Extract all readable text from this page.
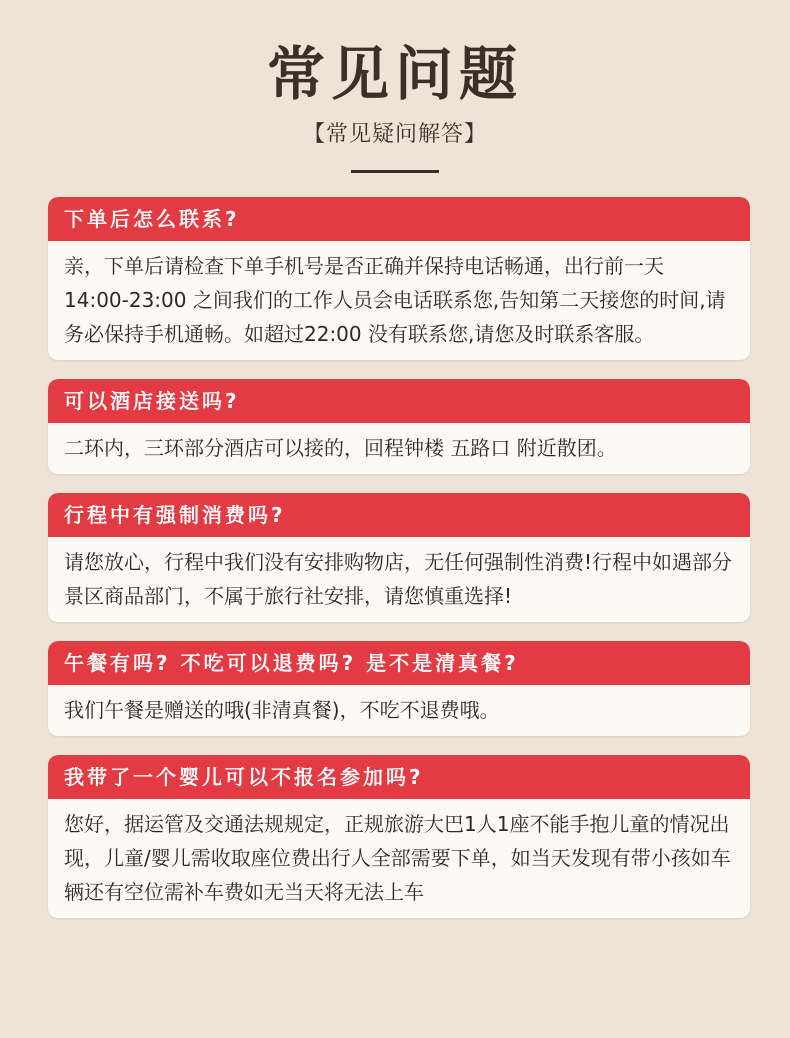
常见问题
【常见疑问解答】
下单后怎么联系?
亲，下单后请检查下单手机号是否正确并保持电话畅通，出行前一天 14:00-23:00 之间我们的工作人员会电话联系您,告知第二天接您的时间,请务必保持手机通畅。如超过22:00 没有联系您,请您及时联系客服。
可以酒店接送吗?
二环内，三环部分酒店可以接的，回程钟楼 五路口 附近散团。
行程中有强制消费吗?
请您放心，行程中我们没有安排购物店，无任何强制性消费!行程中如遇部分景区商品部门，不属于旅行社安排，请您慎重选择!
午餐有吗? 不吃可以退费吗? 是不是清真餐?
我们午餐是赠送的哦(非清真餐)，不吃不退费哦。
我带了一个婴儿可以不报名参加吗?
您好，据运管及交通法规规定，正规旅游大巴1人1座不能手抱儿童的情况出现，儿童/婴儿需收取座位费出行人全部需要下单，如当天发现有带小孩如车辆还有空位需补车费如无当天将无法上车
